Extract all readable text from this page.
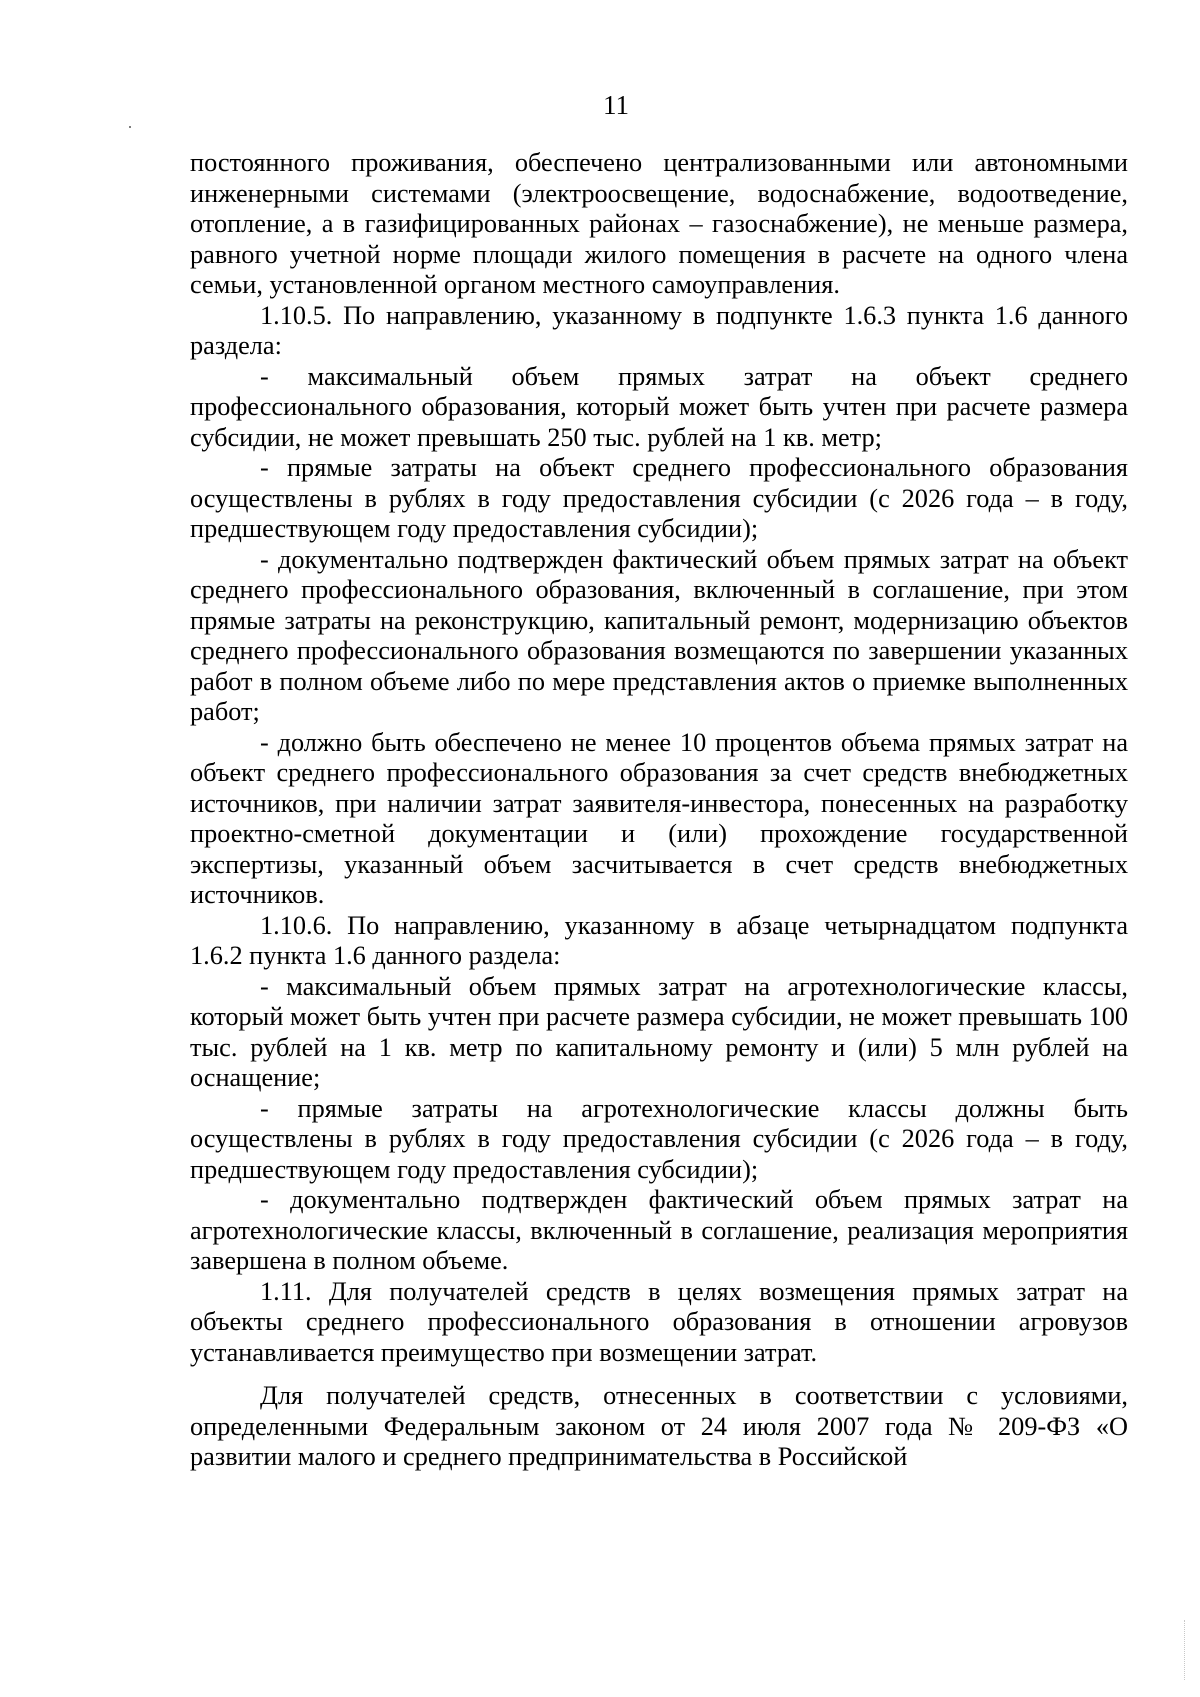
11

постоянного проживания, обеспечено централизованными или автономными инженерными системами (электроосвещение, водоснабжение, водоотведение, отопление, а в газифицированных районах – газоснабжение), не меньше размера, равного учетной норме площади жилого помещения в расчете на одного члена семьи, установленной органом местного самоуправления.

1.10.5. По направлению, указанному в подпункте 1.6.3 пункта 1.6 данного раздела:

- максимальный объем прямых затрат на объект среднего профессионального образования, который может быть учтен при расчете размера субсидии, не может превышать 250 тыс. рублей на 1 кв. метр;

- прямые затраты на объект среднего профессионального образования осуществлены в рублях в году предоставления субсидии (с 2026 года – в году, предшествующем году предоставления субсидии);

- документально подтвержден фактический объем прямых затрат на объект среднего профессионального образования, включенный в соглашение, при этом прямые затраты на реконструкцию, капитальный ремонт, модернизацию объектов среднего профессионального образования возмещаются по завершении указанных работ в полном объеме либо по мере представления актов о приемке выполненных работ;

- должно быть обеспечено не менее 10 процентов объема прямых затрат на объект среднего профессионального образования за счет средств внебюджетных источников, при наличии затрат заявителя-инвестора, понесенных на разработку проектно-сметной документации и (или) прохождение государственной экспертизы, указанный объем засчитывается в счет средств внебюджетных источников.

1.10.6. По направлению, указанному в абзаце четырнадцатом подпункта 1.6.2 пункта 1.6 данного раздела:

- максимальный объем прямых затрат на агротехнологические классы, который может быть учтен при расчете размера субсидии, не может превышать 100 тыс. рублей на 1 кв. метр по капитальному ремонту и (или) 5 млн рублей на оснащение;

- прямые затраты на агротехнологические классы должны быть осуществлены в рублях в году предоставления субсидии (с 2026 года – в году, предшествующем году предоставления субсидии);

- документально подтвержден фактический объем прямых затрат на агротехнологические классы, включенный в соглашение, реализация мероприятия завершена в полном объеме.

1.11. Для получателей средств в целях возмещения прямых затрат на объекты среднего профессионального образования в отношении агровузов устанавливается преимущество при возмещении затрат.

Для получателей средств, отнесенных в соответствии с условиями, определенными Федеральным законом от 24 июля 2007 года № 209-ФЗ «О развитии малого и среднего предпринимательства в Российской
